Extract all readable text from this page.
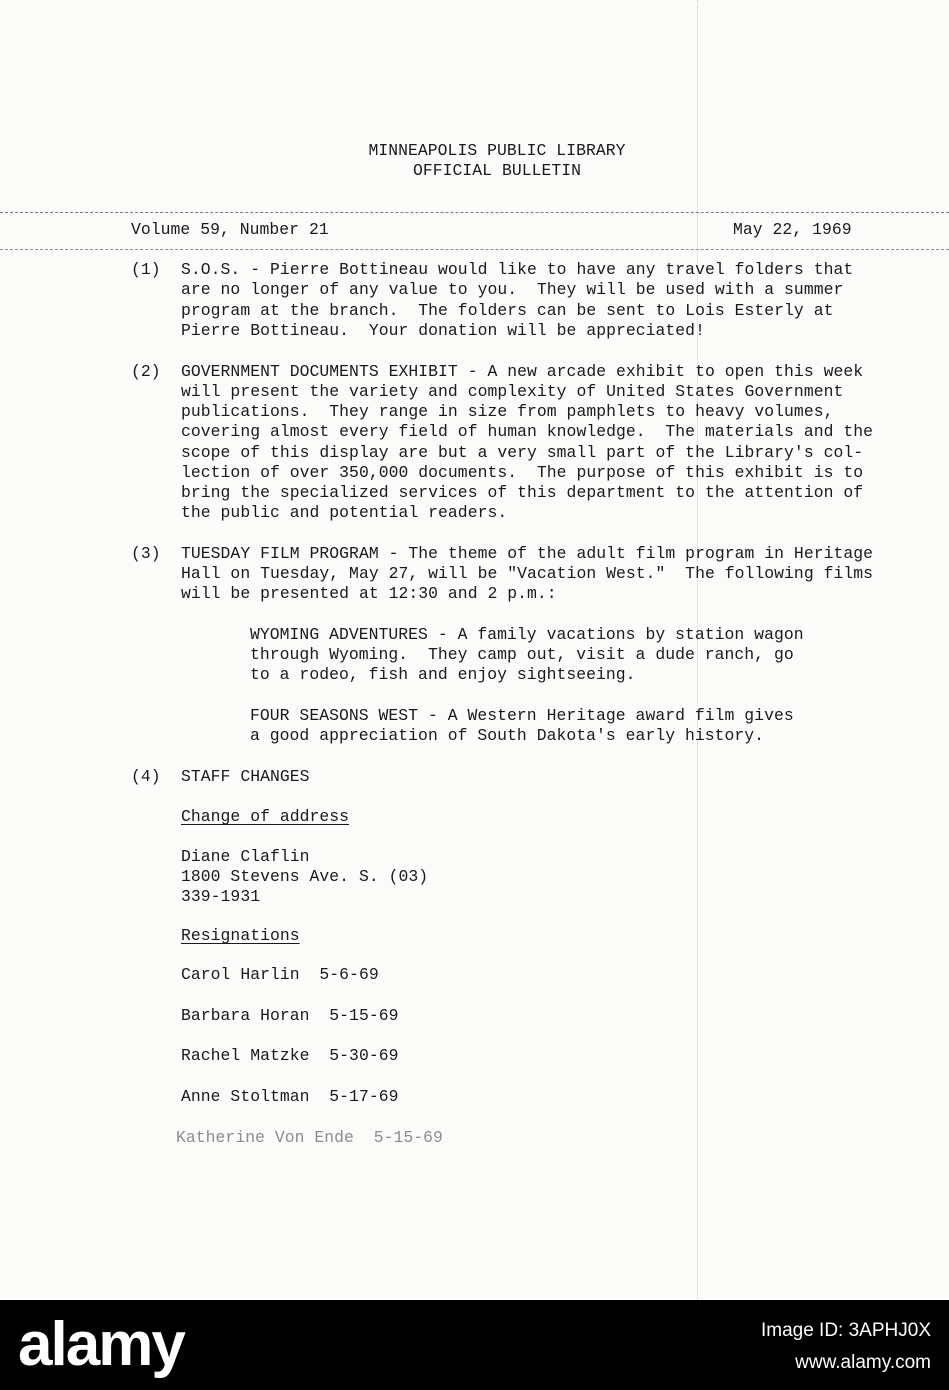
MINNEAPOLIS PUBLIC LIBRARY

OFFICIAL BULLETIN

Volume 59, Number 21	May 22, 1969

(1) S.O.S. - Pierre Bottineau would like to have any travel folders that

are no longer of any value to you.  They will be used with a summer

program at the branch.  The folders can be sent to Lois Esterly at

Pierre Bottineau.  Your donation will be appreciated!

(2) GOVERNMENT DOCUMENTS EXHIBIT - A new arcade exhibit to open this week

will present the variety and complexity of United States Government

publications.  They range in size from pamphlets to heavy volumes,

covering almost every field of human knowledge.  The materials and the

scope of this display are but a very small part of the Library's col-

lection of over 350,000 documents.  The purpose of this exhibit is to

bring the specialized services of this department to the attention of

the public and potential readers.

(3) TUESDAY FILM PROGRAM - The theme of the adult film program in Heritage

Hall on Tuesday, May 27, will be "Vacation West."  The following films

will be presented at 12:30 and 2 p.m.:

WYOMING ADVENTURES - A family vacations by station wagon

through Wyoming.  They camp out, visit a dude ranch, go

to a rodeo, fish and enjoy sightseeing.

FOUR SEASONS WEST - A Western Heritage award film gives

a good appreciation of South Dakota's early history.

(4) STAFF CHANGES

Change of address

Diane Claflin

1800 Stevens Ave. S. (03)

339-1931

Resignations

Carol Harlin  5-6-69

Barbara Horan  5-15-69

Rachel Matzke  5-30-69

Anne Stoltman  5-17-69

Katherine Von Ende  5-15-69

alamy	Image ID: 3APHJ0X
www.alamy.com
